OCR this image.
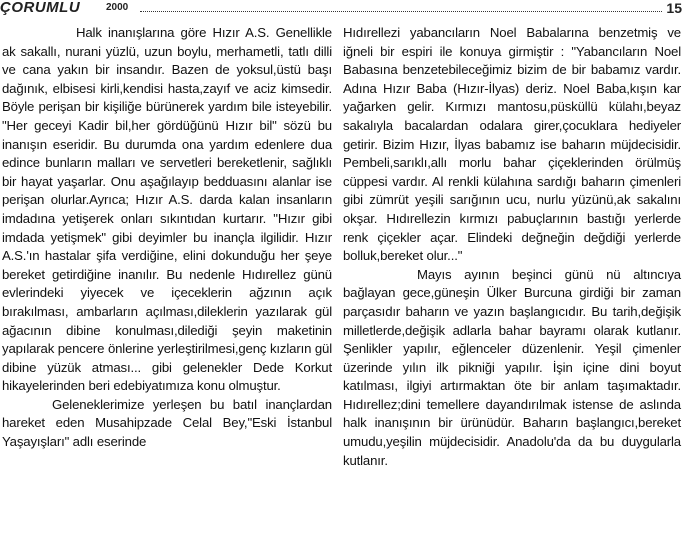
ÇORUMLU	2000	15

Halk inanışlarına göre Hızır A.S. Genellikle ak sakallı, nurani yüzlü, uzun boylu, merhametli, tatlı dilli ve cana yakın bir insandır. Bazen de yoksul,üstü başı dağınık, elbisesi kirli,kendisi hasta,zayıf ve aciz kimsedir. Böyle perişan bir kişiliğe bürünerek yardım bile isteyebilir. "Her geceyi Kadir bil,her gördüğünü Hızır bil" sözü bu inanışın eseridir. Bu durumda ona yardım edenlere dua edince bunların malları ve servetleri bereketlenir, sağlıklı bir hayat yaşarlar. Onu aşağılayıp bedduasını alanlar ise perişan olurlar.Ayrıca; Hızır A.S. darda kalan insanların imdadına yetişerek onları sıkıntıdan kurtarır. "Hızır gibi imdada yetişmek" gibi deyimler bu inançla ilgilidir. Hızır A.S.'ın hastalar şifa verdiğine, elini dokunduğu her şeye bereket getirdiğine inanılır. Bu nedenle Hıdırellez günü evlerindeki yiyecek ve içeceklerin ağzının açık bırakılması, ambarların açılması,dileklerin yazılarak gül ağacının dibine konulması,dilediği şeyin maketinin yapılarak pencere önlerine yerleştirilmesi,genç kızların gül dibine yüzük atması... gibi gelenekler Dede Korkut hikayelerinden beri edebiyatımıza konu olmuştur.

Geleneklerimize yerleşen bu batıl inançlardan hareket eden Musahipzade Celal Bey,"Eski İstanbul Yaşayışları" adlı eserinde

Hıdırellezi yabancıların Noel Babalarına benzetmiş ve iğneli bir espiri ile konuya girmiştir : "Yabancıların Noel Babasına benzetebileceğimiz bizim de bir babamız vardır. Adına Hızır Baba (Hızır-İlyas) deriz. Noel Baba,kışın kar yağarken gelir. Kırmızı mantosu,püsküllü külahı,beyaz sakalıyla bacalardan odalara girer,çocuklara hediyeler getirir. Bizim Hızır, İlyas babamız ise baharın müjdecisidir. Pembeli,sarıklı,allı morlu bahar çiçeklerinden örülmüş cüppesi vardır. Al renkli külahına sardığı baharın çimenleri gibi zümrüt yeşili sarığının ucu, nurlu yüzünü,ak sakalını okşar. Hıdırellezin kırmızı pabuçlarının bastığı yerlerde renk çiçekler açar. Elindeki değneğin değdiği yerlerde bolluk,bereket olur..."

Mayıs ayının beşinci günü nü altıncıya bağlayan gece,güneşin Ülker Burcuna girdiği bir zaman parçasıdır baharın ve yazın başlangıcıdır. Bu tarih,değişik milletlerde,değişik adlarla bahar bayramı olarak kutlanır. Şenlikler yapılır, eğlenceler düzenlenir. Yeşil çimenler üzerinde yılın ilk pikniği yapılır. İşin içine dini boyut katılması, ilgiyi artırmaktan öte bir anlam taşımaktadır. Hıdırellez;dini temellere dayandırılmak istense de aslında halk inanışının bir ürünüdür. Baharın başlangıcı,bereket umudu,yeşilin müjdecisidir. Anadolu'da da bu duygularla kutlanır.
